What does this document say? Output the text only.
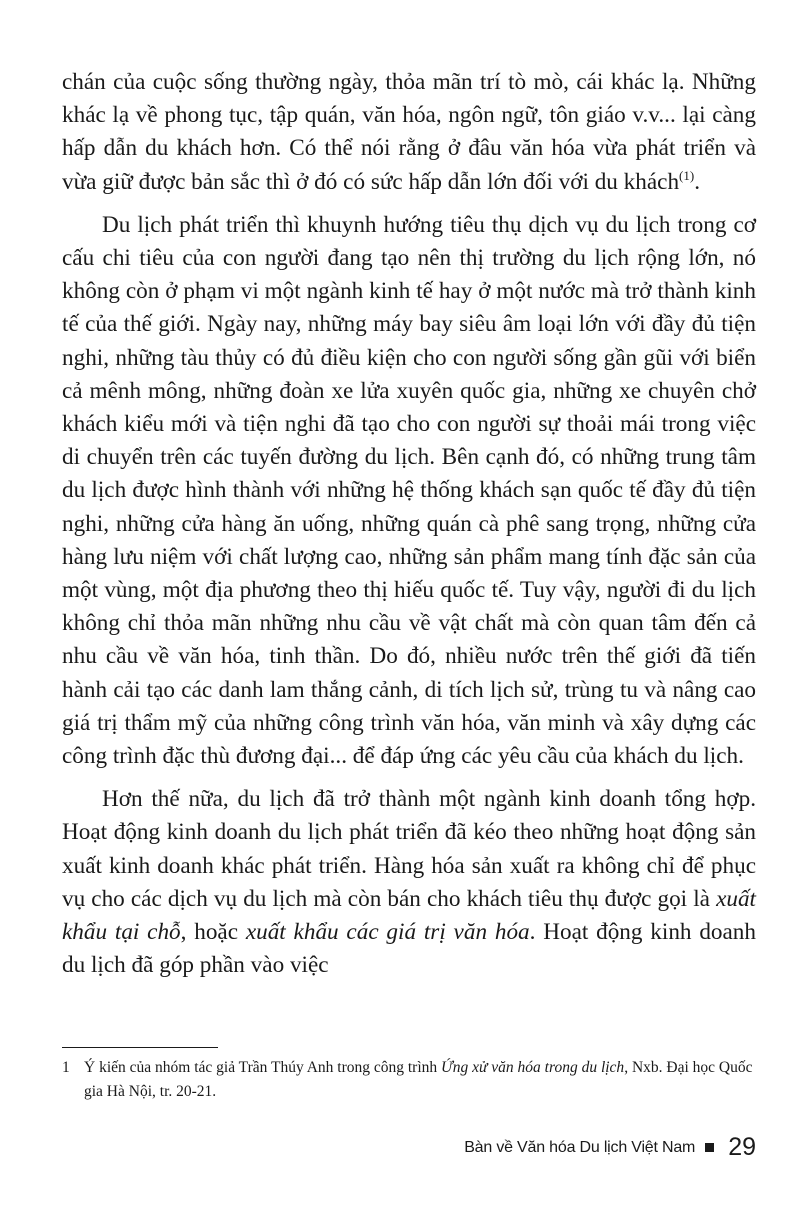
chán của cuộc sống thường ngày, thỏa mãn trí tò mò, cái khác lạ. Những khác lạ về phong tục, tập quán, văn hóa, ngôn ngữ, tôn giáo v.v... lại càng hấp dẫn du khách hơn. Có thể nói rằng ở đâu văn hóa vừa phát triển và vừa giữ được bản sắc thì ở đó có sức hấp dẫn lớn đối với du khách$^{(1)}$.

Du lịch phát triển thì khuynh hướng tiêu thụ dịch vụ du lịch trong cơ cấu chi tiêu của con người đang tạo nên thị trường du lịch rộng lớn, nó không còn ở phạm vi một ngành kinh tế hay ở một nước mà trở thành kinh tế của thế giới. Ngày nay, những máy bay siêu âm loại lớn với đầy đủ tiện nghi, những tàu thủy có đủ điều kiện cho con người sống gần gũi với biển cả mênh mông, những đoàn xe lửa xuyên quốc gia, những xe chuyên chở khách kiểu mới và tiện nghi đã tạo cho con người sự thoải mái trong việc di chuyển trên các tuyến đường du lịch. Bên cạnh đó, có những trung tâm du lịch được hình thành với những hệ thống khách sạn quốc tế đầy đủ tiện nghi, những cửa hàng ăn uống, những quán cà phê sang trọng, những cửa hàng lưu niệm với chất lượng cao, những sản phẩm mang tính đặc sản của một vùng, một địa phương theo thị hiếu quốc tế. Tuy vậy, người đi du lịch không chỉ thỏa mãn những nhu cầu về vật chất mà còn quan tâm đến cả nhu cầu về văn hóa, tinh thần. Do đó, nhiều nước trên thế giới đã tiến hành cải tạo các danh lam thắng cảnh, di tích lịch sử, trùng tu và nâng cao giá trị thẩm mỹ của những công trình văn hóa, văn minh và xây dựng các công trình đặc thù đương đại... để đáp ứng các yêu cầu của khách du lịch.

Hơn thế nữa, du lịch đã trở thành một ngành kinh doanh tổng hợp. Hoạt động kinh doanh du lịch phát triển đã kéo theo những hoạt động sản xuất kinh doanh khác phát triển. Hàng hóa sản xuất ra không chỉ để phục vụ cho các dịch vụ du lịch mà còn bán cho khách tiêu thụ được gọi là xuất khẩu tại chỗ, hoặc xuất khẩu các giá trị văn hóa. Hoạt động kinh doanh du lịch đã góp phần vào việc

1 Ý kiến của nhóm tác giả Trần Thúy Anh trong công trình Ứng xử văn hóa trong du lịch, Nxb. Đại học Quốc gia Hà Nội, tr. 20-21.
Bàn về Văn hóa Du lịch Việt Nam 29
